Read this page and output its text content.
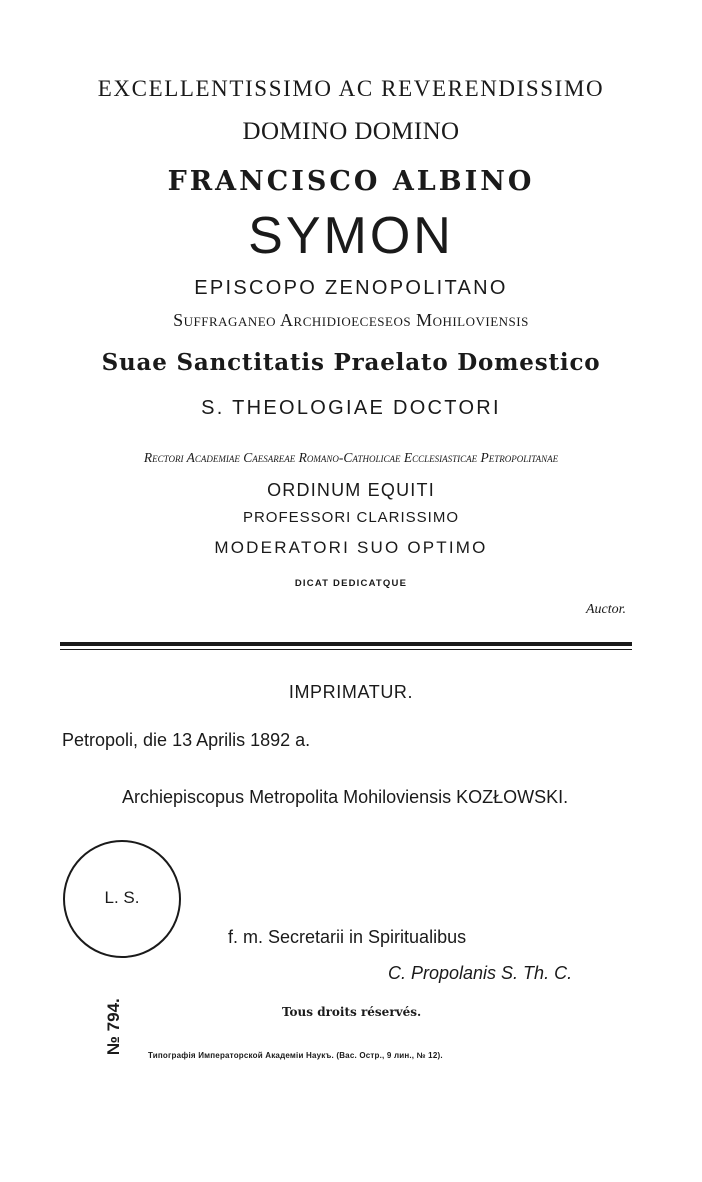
EXCELLENTISSIMO AC REVERENDISSIMO
DOMINO DOMINO
FRANCISCO ALBINO
SYMON
EPISCOPO ZENOPOLITANO
Suffraganeo Archidioeceseos Mohiloviensis
Suae Sanctitatis Praelato Domestico
S. THEOLOGIAE DOCTORI
Rectori Academiae Caesareae Romano-Catholicae Ecclesiasticae Petropolitanae
ORDINUM EQUITI
PROFESSORI CLARISSIMO
MODERATORI SUO OPTIMO
DICAT DEDICATQUE
Auctor.
IMPRIMATUR.
Petropoli, die 13 Aprilis 1892 a.
Archiepiscopus Metropolita Mohiloviensis KOZŁOWSKI.
L. S.
f. m. Secretarii in Spiritualibus
C. Propolanis S. Th. C.
№ 794.	Tous droits réservés.
Типографія Императорской Академіи Наукъ. (Вас. Остр., 9 лин., № 12).
